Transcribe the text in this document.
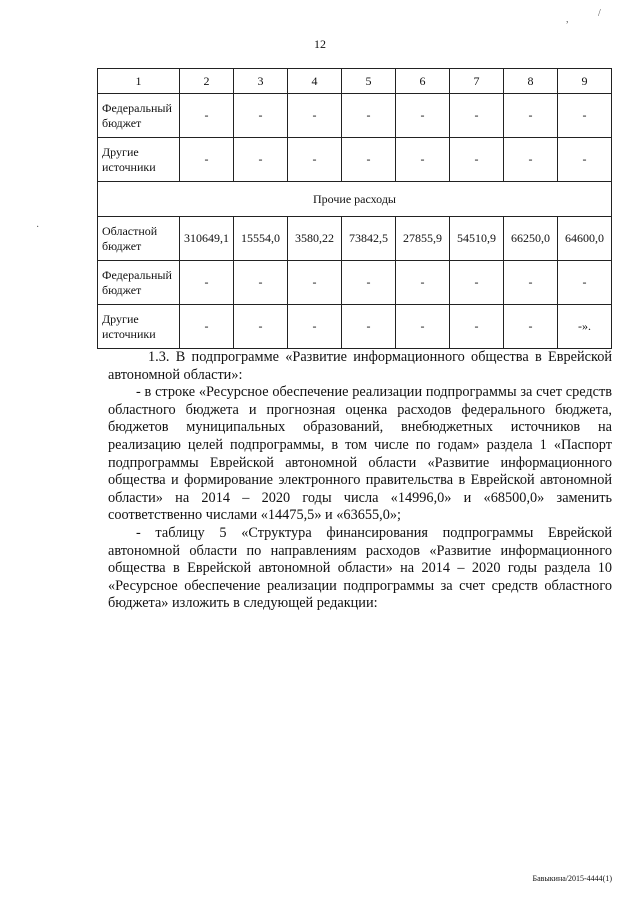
,
/
·
12
1	2	3	4	5	6	7	8	9
Федеральный бюджет	-	-	-	-	-	-	-	-
Другие источники	-	-	-	-	-	-	-	-
Прочие расходы								
Областной бюджет	310649,1	15554,0	3580,22	73842,5	27855,9	54510,9	66250,0	64600,0
Федеральный бюджет	-	-	-	-	-	-	-	-
Другие источники	-	-	-	-	-	-	-	-».

1.3. В подпрограмме «Развитие информационного общества в Еврейской автономной области»:

- в строке «Ресурсное обеспечение реализации подпрограммы за счет средств областного бюджета и прогнозная оценка расходов федерального бюджета, бюджетов муниципальных образований, внебюджетных источников на реализацию целей подпрограммы, в том числе по годам» раздела 1 «Паспорт подпрограммы Еврейской автономной области «Развитие информационного общества и формирование электронного правительства в Еврейской автономной области» на 2014 – 2020 годы числа «14996,0» и «68500,0» заменить соответственно числами «14475,5» и «63655,0»;

- таблицу 5 «Структура финансирования подпрограммы Еврейской автономной области по направлениям расходов «Развитие информационного общества в Еврейской автономной области» на 2014 – 2020 годы раздела 10 «Ресурсное обеспечение реализации подпрограммы за счет средств областного бюджета» изложить в следующей редакции:

Бавыкина/2015-4444(1)
